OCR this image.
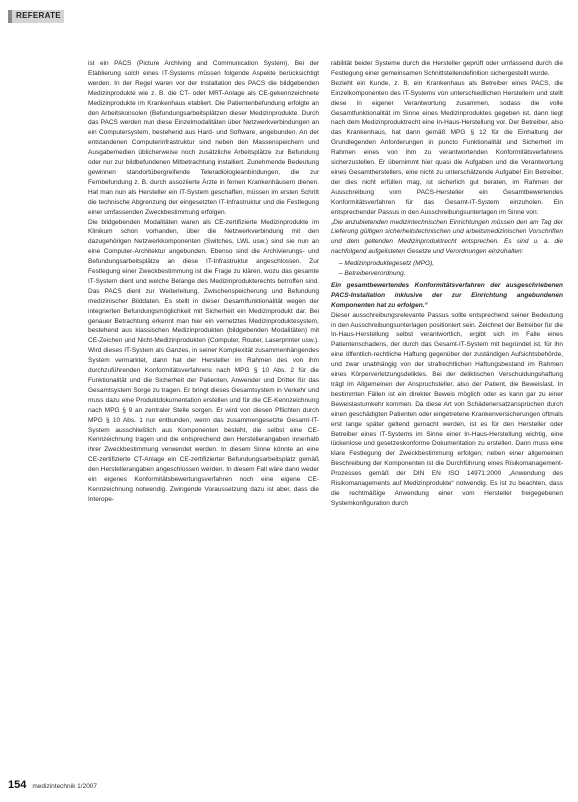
REFERATE

ist ein PACS (Picture Archiving and Communication System). Bei der Etablierung solch eines IT-Systems müssen folgende Aspekte berücksichtigt werden. In der Regel waren vor der Installation des PACS die bildgebenden Medizinprodukte wie z. B. die CT- oder MRT-Anlage als CE-gekennzeichnete Medizinprodukte im Krankenhaus etabliert. Die Patientenbefundung erfolgte an den Arbeitskonsolen (Befundungsarbeitsplätzen dieser Medizinprodukte. Durch das PACS werden nun diese Einzelmodalitäten über Netzwerkverbindungen an ein Computersystem, bestehend aus Hard- und Software, angebunden. An der entstandenen Computerinfrastruktur sind neben den Massenspeichern und Ausgabemedien üblicherweise noch zusätzliche Arbeitsplätze zur Befundung oder nur zur bildbefundenen Mitbetrachtung installiert. Zunehmende Bedeutung gewinnen standortübergreifende Teleradiologieanbindungen, die zur Fernbefundung z. B. durch assoziierte Ärzte in fernen Krankenhäusern dienen. Hat man nun als Hersteller ein IT-System geschaffen, müssen im ersten Schritt die technische Abgrenzung der eingesetzten IT-Infrastruktur und die Festlegung einer umfassenden Zweckbestimmung erfolgen.

Die bildgebenden Modalitäten waren als CE-zertifizierte Medizinprodukte im Klinikum schon vorhanden, über die Netzwerkverbindung mit den dazugehörigen Netzwerkkomponenten (Switches, LWL usw.) sind sie nun an eine Computer-Architektur angebunden. Ebenso sind die Archivierungs- und Befundungsarbeitsplätze an diese IT-Infrastruktur angeschlossen. Zur Festlegung einer Zweckbestimmung ist die Frage zu klären, wozu das gesamte IT-System dient und welche Belange des Medizinprodukterechts betroffen sind. Das PACS dient zur Weiterleitung, Zwischenspeicherung und Befundung medizinischer Bilddaten. Es stellt in dieser Gesamtfunktionalität wegen der integrierten Befundungsmöglichkeit mit Sicherheit ein Medizinprodukt dar. Bei genauer Betrachtung erkennt man hier ein vernetztes Medizinproduktesystem, bestehend aus klassischen Medizinprodukten (bildgebenden Modalitäten) mit CE-Zeichen und Nicht-Medizinprodukten (Computer, Router, Laserprinter usw.). Wird dieses IT-System als Ganzes, in seiner Komplexität zusammenhängendes System vermarktet, dann hat der Hersteller im Rahmen des von ihm durchzuführenden Konformitätsverfahrens nach MPG § 10 Abs. 2 für die Funktionalität und die Sicherheit der Patienten, Anwender und Dritter für das Gesamtsystem Sorge zu tragen. Er bringt dieses Gesamtsystem in Verkehr und muss dazu eine Produktdokumentation erstellen und für die CE-Kennzeichnung nach MPG § 9 an zentraler Stelle sorgen. Er wird von diesen Pflichten durch MPG § 10 Abs. 1 nur entbunden, wenn das zusammengesetzte Gesamt-IT-System ausschließlich aus Komponenten besteht, die selbst eine CE-Kennzeichnung tragen und die entsprechend den Herstellerangaben innerhalb ihrer Zweckbestimmung verwendet werden. In diesem Sinne könnte an eine CE-zertifizierte CT-Anlage ein CE-zertifizierter Befundungsarbeitsplatz gemäß den Herstellerangaben angeschlossen werden. In diesem Fall wäre dann weder ein eigenes Konformitätsbewertungsverfahren noch eine eigene CE-Kennzeichnung notwendig. Zwingende Voraussetzung dazu ist aber, dass die Interope-

rabilität beider Systeme durch die Hersteller geprüft oder umfassend durch die Festlegung einer gemeinsamen Schnittstellendefinition sichergestellt wurde.

Bezieht ein Kunde, z. B. ein Krankenhaus als Betreiber eines PACS, die Einzelkomponenten des IT-Systems von unterschiedlichen Herstellern und stellt diese in eigener Verantwortung zusammen, sodass die volle Gesamtfunktionalität im Sinne eines Medizinproduktes gegeben ist, dann liegt nach dem Medizinproduktrecht eine In-Haus-Herstellung vor. Der Betreiber, also das Krankenhaus, hat dann gemäß MPG § 12 für die Einhaltung der Grundlegenden Anforderungen in puncto Funktionalität und Sicherheit im Rahmen eines von ihm zu verantwortenden Konformitätsverfahrens sicherzustellen. Er übernimmt hier quasi die Aufgaben und die Verantwortung eines Gesamtherstellers, eine nicht zu unterschätzende Aufgabe! Ein Betreiber, der dies nicht erfüllen mag, ist sicherlich gut beraten, im Rahmen der Ausschreibung vom PACS-Hersteller ein Gesamtbewertendes Konformitätsverfahren für das Gesamt-IT-System einzuholen. Ein entsprechender Passus in den Ausschreibungsunterlagen im Sinne von:

„Die anzubietenden medizintechnischen Einrichtungen müssen den am Tag der Lieferung gültigen sicherheitstechnischen und arbeitsmedizinischen Vorschriften und dem geltenden Medizinproduktrecht entsprechen. Es sind u. a. die nachfolgend aufgelisteten Gesetze und Verordnungen einzuhalten:

– Medizinproduktegesetz (MPG),
– Betreiberverordnung.

Ein gesamtbewertendes Konformitätsverfahren der ausgeschriebenen PACS-Installation inklusive der zur Einrichtung angebundenen Komponenten hat zu erfolgen.“

Dieser ausschreibungsrelevante Passus sollte entsprechend seiner Bedeutung in den Ausschreibungsunterlagen positioniert sein. Zeichnet der Betreiber für die In-Haus-Herstellung selbst verantwortlich, ergibt sich im Falle eines Patientenschadens, der durch das Gesamt-IT-System mit begründet ist, für ihn eine öffentlich-rechtliche Haftung gegenüber der zuständigen Aufsichtsbehörde, und zwar unabhängig von der strafrechtlichen Haftungsbestand im Rahmen eines Körperverletzungsdeliktes. Bei der deliktischen Verschuldungshaftung trägt im Allgemeinen der Anspruchsteller, also der Patient, die Beweislast. In bestimmten Fällen ist ein direkter Beweis möglich oder es kann gar zu einer Beweislastumkehr kommen. Da diese Art von Schädenersatzansprüchen durch einen geschädigten Patienten oder eingetretene Krankenversicherungen oftmals erst lange später geltend gemacht werden, ist es für den Hersteller oder Betreiber eines IT-Systems im Sinne einer In-Haus-Herstellung wichtig, eine lückenlose und gesetzeskonforme Dokumentation zu erstellen. Dann muss eine klare Festlegung der Zweckbestimmung erfolgen; neben einer allgemeinen Beschreibung der Komponenten ist die Durchführung eines Risikomanagement-Prozesses gemäß der DIN EN ISO 14971:2000 „Anwendung des Risikomanagements auf Medizinprodukte“ notwendig. Es ist zu beachten, dass die rechtmäßige Anwendung einer vom Hersteller freigegebenen Systemkonfiguration durch

154 medizintechnik 1/2007
